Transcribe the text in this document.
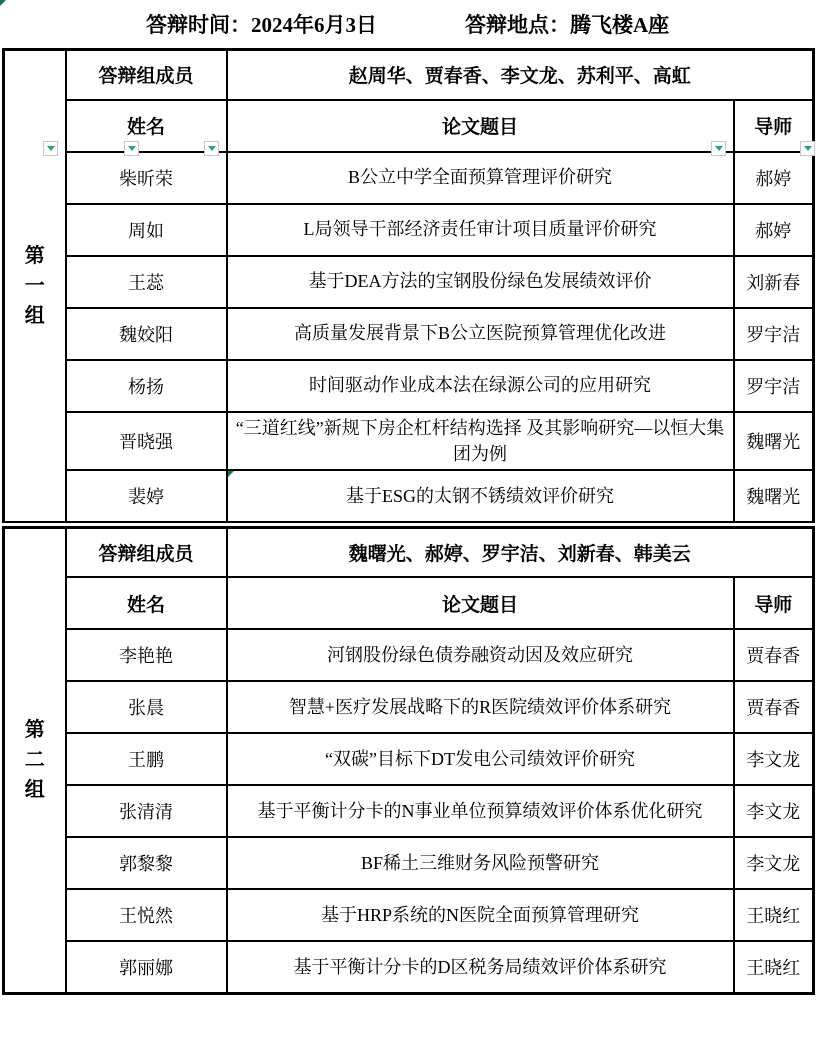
答辩时间：2024年6月3日	答辩地点：腾飞楼A座
第一组	答辩组成员	赵周华、贾春香、李文龙、苏利平、高虹	
	姓名	论文题目	导师
	柴昕荣	B公立中学全面预算管理评价研究	郝婷
	周如	L局领导干部经济责任审计项目质量评价研究	郝婷
	王蕊	基于DEA方法的宝钢股份绿色发展绩效评价	刘新春
	魏姣阳	高质量发展背景下B公立医院预算管理优化改进	罗宇洁
	杨扬	时间驱动作业成本法在绿源公司的应用研究	罗宇洁
	晋晓强	“三道红线”新规下房企杠杆结构选择 及其影响研究—以恒大集团为例	魏曙光
	裴婷	基于ESG的太钢不锈绩效评价研究	魏曙光
第二组	答辩组成员	魏曙光、郝婷、罗宇洁、刘新春、韩美云	
	姓名	论文题目	导师
	李艳艳	河钢股份绿色债券融资动因及效应研究	贾春香
	张晨	智慧+医疗发展战略下的R医院绩效评价体系研究	贾春香
	王鹏	“双碳”目标下DT发电公司绩效评价研究	李文龙
	张清清	基于平衡计分卡的N事业单位预算绩效评价体系优化研究	李文龙
	郭黎黎	BF稀土三维财务风险预警研究	李文龙
	王悦然	基于HRP系统的N医院全面预算管理研究	王晓红
	郭丽娜	基于平衡计分卡的D区税务局绩效评价体系研究	王晓红
